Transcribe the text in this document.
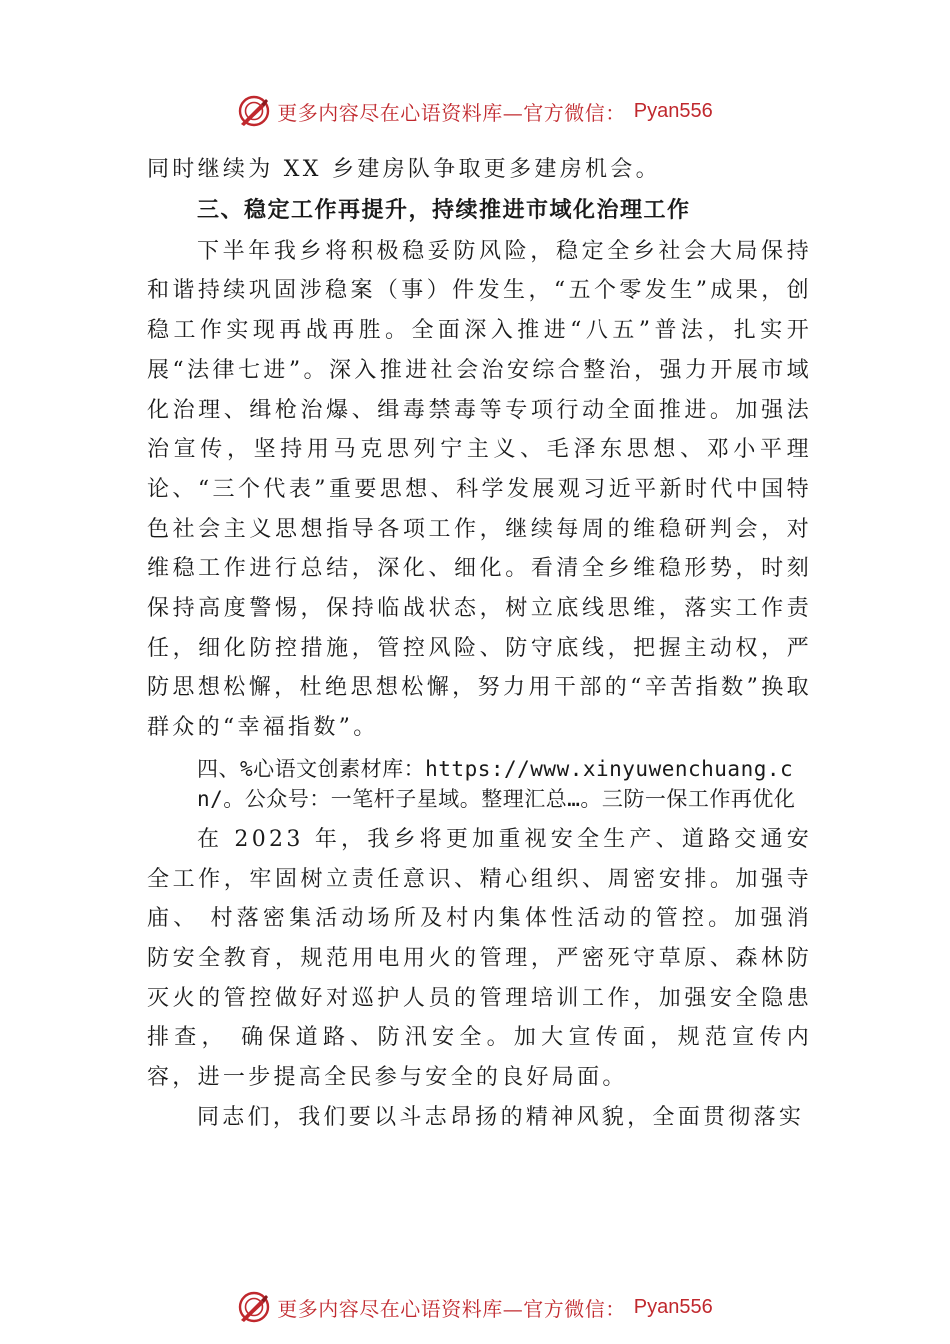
更多内容尽在心语资料库—官方微信： Pyan556

同时继续为 XX 乡建房队争取更多建房机会。

三、稳定工作再提升，持续推进市域化治理工作

下半年我乡将积极稳妥防风险，稳定全乡社会大局保持和谐持续巩固涉稳案（事）件发生，“五个零发生”成果，创稳工作实现再战再胜。全面深入推进“八五”普法，扎实开展“法律七进”。深入推进社会治安综合整治，强力开展市域化治理、缉枪治爆、缉毒禁毒等专项行动全面推进。加强法治宣传，坚持用马克思列宁主义、毛泽东思想、邓小平理论、“三个代表”重要思想、科学发展观习近平新时代中国特色社会主义思想指导各项工作，继续每周的维稳研判会，对维稳工作进行总结，深化、细化。看清全乡维稳形势，时刻保持高度警惕，保持临战状态，树立底线思维，落实工作责任，细化防控措施，管控风险、防守底线，把握主动权，严防思想松懈，杜绝思想松懈，努力用干部的“辛苦指数”换取群众的“幸福指数”。

四、%心语文创素材库：https://www.xinyuwenchuang.cn/。公众号：一笔杆子星域。整理汇总…。三防一保工作再优化

在 2023 年，我乡将更加重视安全生产、道路交通安全工作，牢固树立责任意识、精心组织、周密安排。加强寺庙、 村落密集活动场所及村内集体性活动的管控。加强消防安全教育，规范用电用火的管理，严密死守草原、森林防灭火的管控做好对巡护人员的管理培训工作，加强安全隐患排查， 确保道路、防汛安全。加大宣传面，规范宣传内容，进一步提高全民参与安全的良好局面。

同志们，我们要以斗志昂扬的精神风貌，全面贯彻落实

更多内容尽在心语资料库—官方微信： Pyan556
